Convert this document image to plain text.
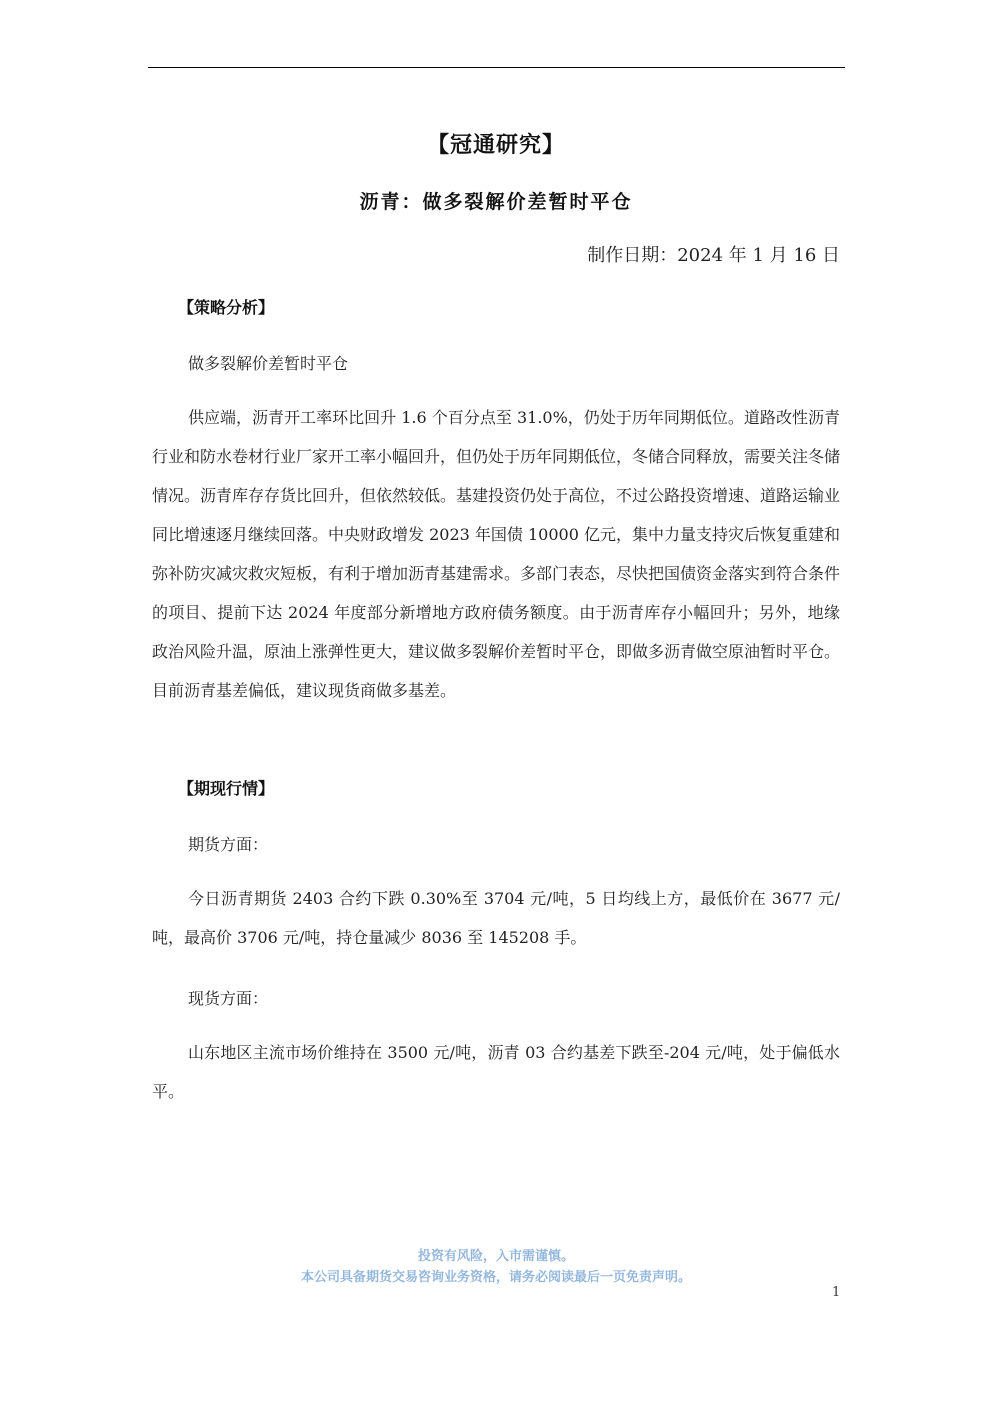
【冠通研究】
沥青：做多裂解价差暂时平仓
制作日期：2024 年 1 月 16 日
【策略分析】
做多裂解价差暂时平仓

供应端，沥青开工率环比回升 1.6 个百分点至 31.0%，仍处于历年同期低位。道路改性沥青行业和防水卷材行业厂家开工率小幅回升，但仍处于历年同期低位，冬储合同释放，需要关注冬储情况。沥青库存存货比回升，但依然较低。基建投资仍处于高位，不过公路投资增速、道路运输业同比增速逐月继续回落。中央财政增发 2023 年国债 10000 亿元，集中力量支持灾后恢复重建和弥补防灾减灾救灾短板，有利于增加沥青基建需求。多部门表态，尽快把国债资金落实到符合条件的项目、提前下达 2024 年度部分新增地方政府债务额度。由于沥青库存小幅回升；另外，地缘政治风险升温，原油上涨弹性更大，建议做多裂解价差暂时平仓，即做多沥青做空原油暂时平仓。目前沥青基差偏低，建议现货商做多基差。

【期现行情】
期货方面：

今日沥青期货 2403 合约下跌 0.30%至 3704 元/吨，5 日均线上方，最低价在 3677 元/吨，最高价 3706 元/吨，持仓量减少 8036 至 145208 手。

现货方面：

山东地区主流市场价维持在 3500 元/吨，沥青 03 合约基差下跌至-204 元/吨，处于偏低水平。

投资有风险，入市需谨慎。
本公司具备期货交易咨询业务资格，请务必阅读最后一页免责声明。
1
